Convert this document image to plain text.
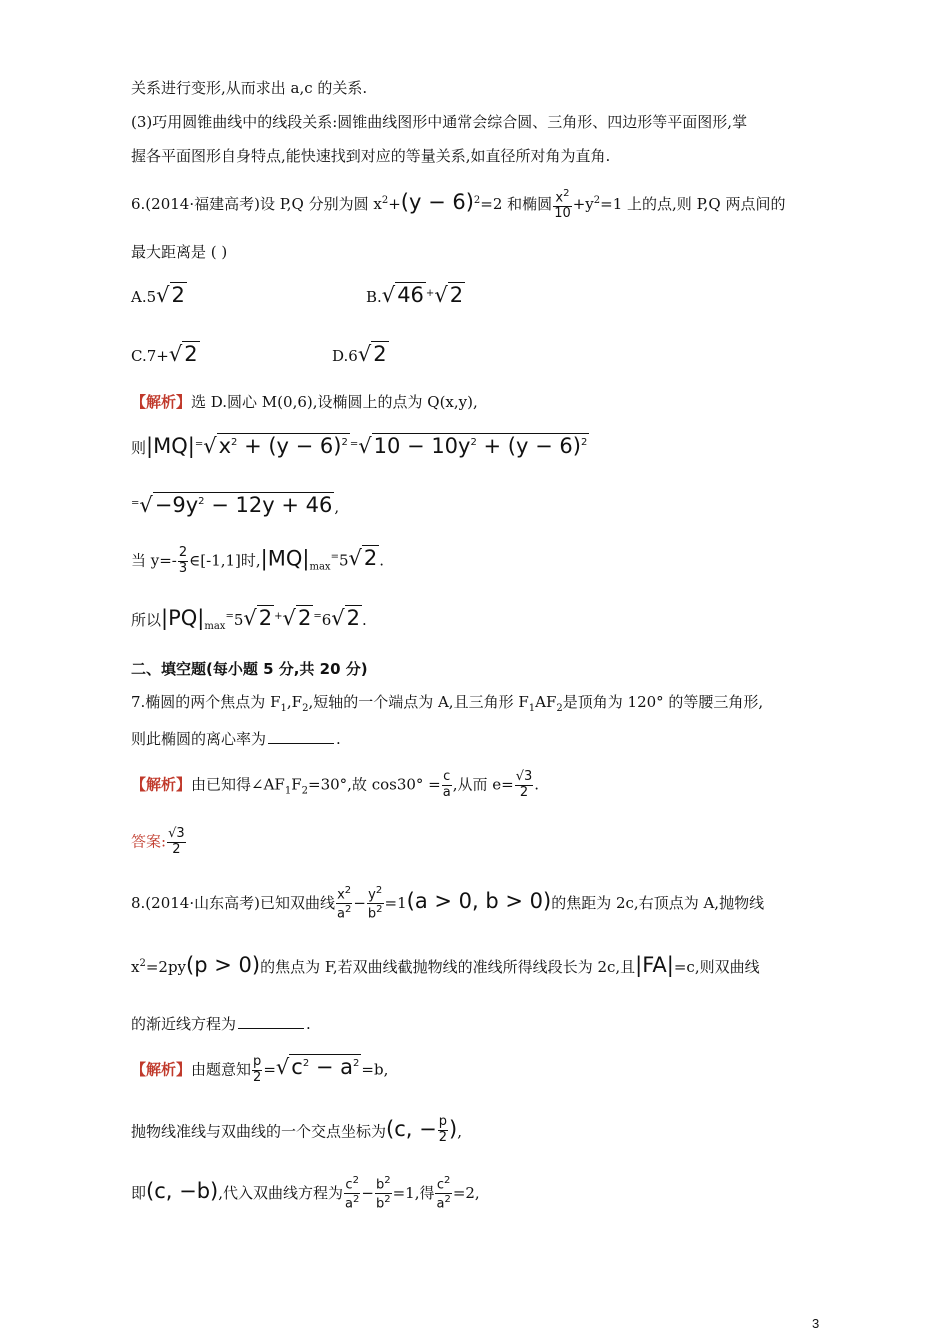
关系进行变形,从而求出 a,c 的关系.
(3)巧用圆锥曲线中的线段关系:圆锥曲线图形中通常会综合圆、三角形、四边形等平面图形,掌
握各平面图形自身特点,能快速找到对应的等量关系,如直径所对角为直角.
6.(2014·福建高考)设 P,Q 分别为圆 $x^2+(y - 6)^2=2$ 和椭圆 $\frac{x^2}{10} +y^2=1$ 上的点,则 P,Q 两点间的
最大距离是 ( )
A.5√2	B.√46 +√2
C.7+√2	D.6√2
【解析】选 D.圆心 M(0,6),设椭圆上的点为 Q(x,y),
则$|MQ|^=√x^2 + (y - 6)^2$ $^=√10 - 10y^2 + (y - 6)^2$
$^=√-9y^2 - 12y + 46$ ,
当 $y=- \frac{2}{3}$ ∈[-1,1]时$,|MQ|_{max}^=5√2$ .
所以$|PQ|_{max}^=5√2$ +√2 =6√2 .
二、填空题(每小题 5 分,共 20 分)
7.椭圆的两个焦点为 $F_1,F_2$,短轴的一个端点为 A,且三角形 $F_1AF_2$是顶角为 120° 的等腰三角形,
则此椭圆的离心率为	.
【解析】由已知得$\angle AF_1F_2=30^\circ$,故 $\cos 30^\circ = \frac{c}{a}$ ,从而 $e= \frac{√3}{2}$ .
答案: $\frac{√3}{2}$
8.(2014·山东高考)已知双曲线 $\frac{x^2}{a^2} - \frac{y^2}{b^2} =1(a > 0$, b > 0)的焦距为 2c,右顶点为 A,抛物线
$x^2=2py(p > 0)$的焦点为 F,若双曲线截抛物线的准线所得线段长为 2c,且|FA|=c,则双曲线
的渐近线方程为	.
【解析】由题意知 $\frac{p}{2} =√c^2 - a^2 =b$,
抛物线准线与双曲线的一个交点坐标为(c, − $\frac{p}{2}$ ),
即(c, −b),代入双曲线方程为 $\frac{c^2}{a^2} - \frac{b^2}{b^2} =1$,得 $\frac{c^2}{a^2} =2$,
3
